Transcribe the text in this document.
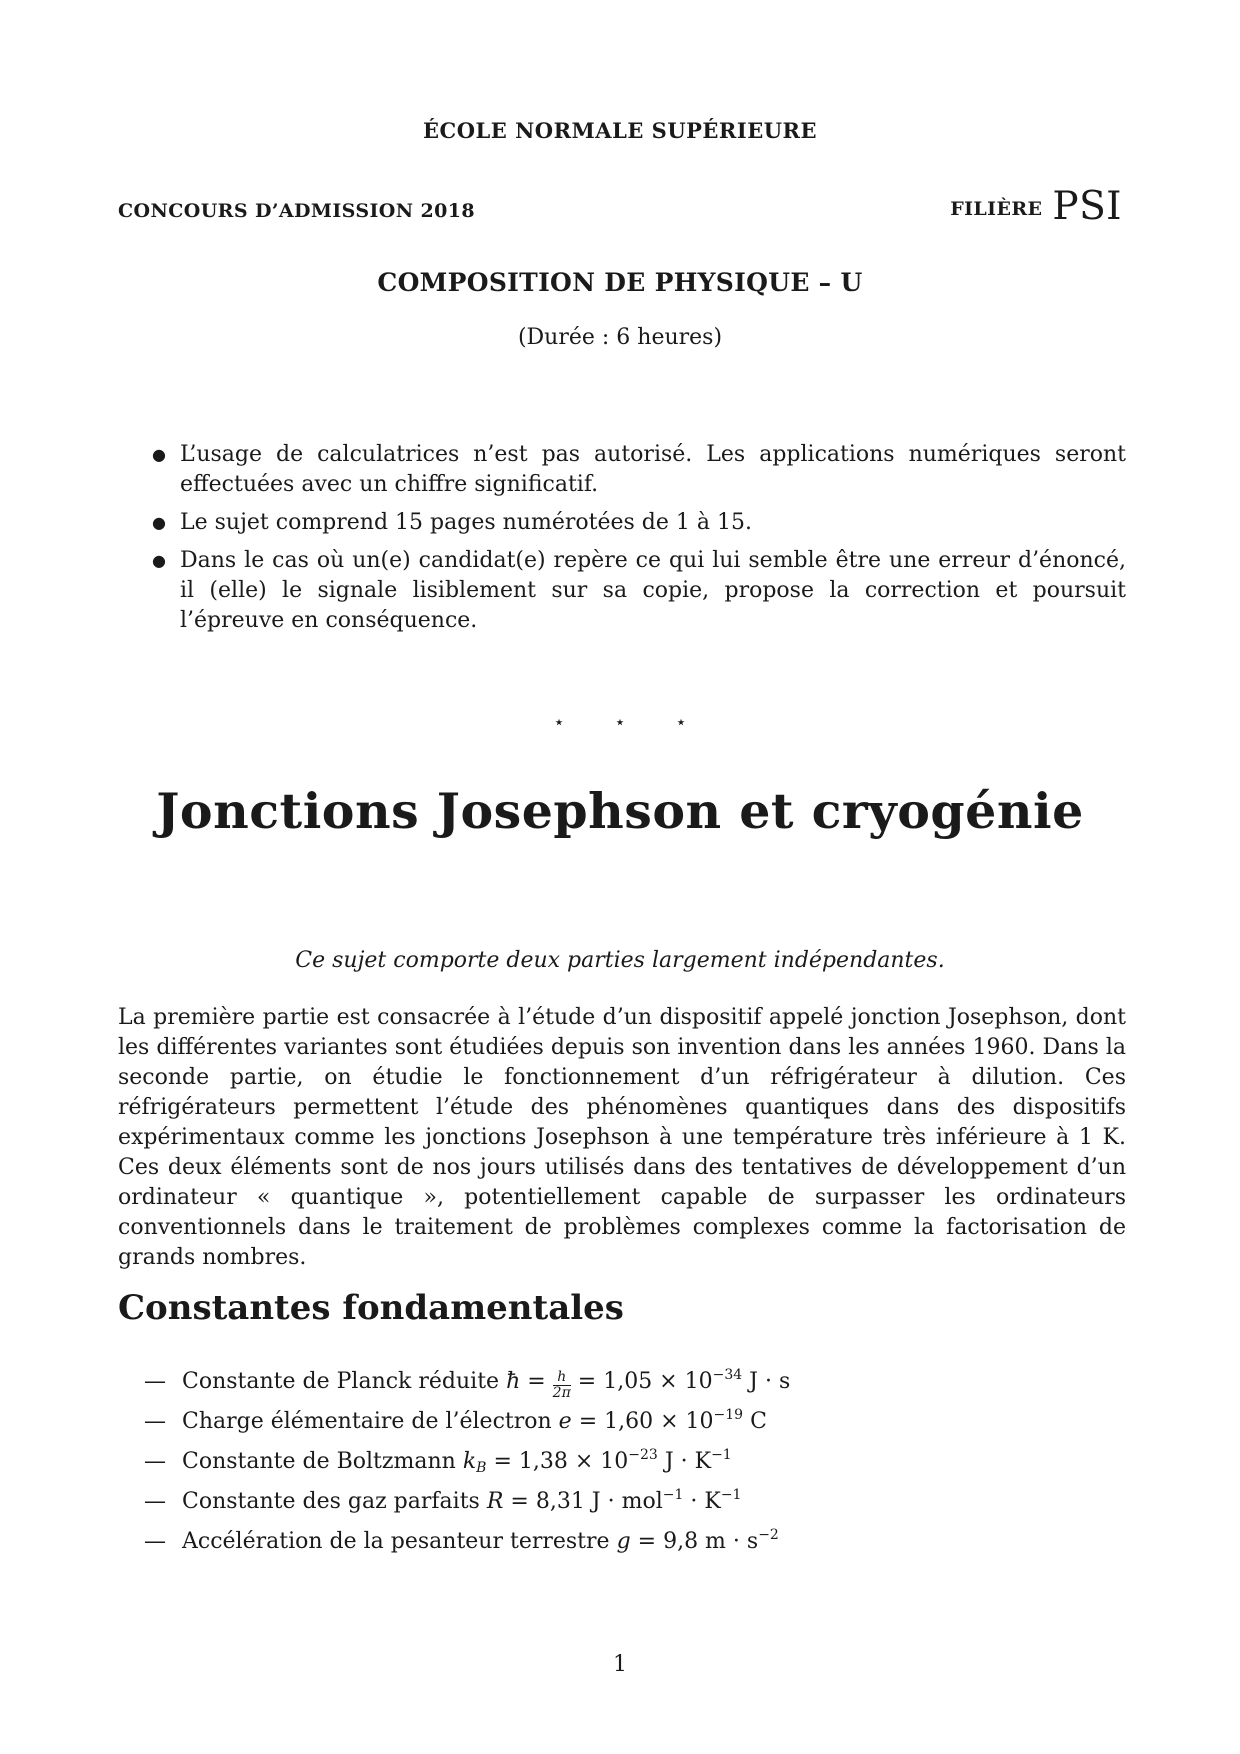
ÉCOLE NORMALE SUPÉRIEURE
CONCOURS D’ADMISSION 2018	FILIÈRE PSI
COMPOSITION DE PHYSIQUE – U
(Durée : 6 heures)
● L’usage de calculatrices n’est pas autorisé. Les applications numériques seront effectuées avec un chiffre significatif.
● Le sujet comprend 15 pages numérotées de 1 à 15.
● Dans le cas où un(e) candidat(e) repère ce qui lui semble être une erreur d’énoncé, il (elle) le signale lisiblement sur sa copie, propose la correction et poursuit l’épreuve en conséquence.
⋆ ⋆ ⋆
Jonctions Josephson et cryogénie
Ce sujet comporte deux parties largement indépendantes.

La première partie est consacrée à l’étude d’un dispositif appelé jonction Josephson, dont les différentes variantes sont étudiées depuis son invention dans les années 1960. Dans la seconde partie, on étudie le fonctionnement d’un réfrigérateur à dilution. Ces réfrigérateurs permettent l’étude des phénomènes quantiques dans des dispositifs expérimentaux comme les jonctions Josephson à une température très inférieure à 1 K. Ces deux éléments sont de nos jours utilisés dans des tentatives de développement d’un ordinateur « quantique », potentiellement capable de surpasser les ordinateurs conventionnels dans le traitement de problèmes complexes comme la factorisation de grands nombres.

Constantes fondamentales
— Constante de Planck réduite ħ = $\frac{h}{2\pi} = 1,05 \times 10^{-34}$ J · s
— Charge élémentaire de l’électron $e = 1,60 \times 10^{-19}$ C
— Constante de Boltzmann $k_B = 1,38 \times 10^{-23}$ $J \cdot K^{-1}$
— Constante des gaz parfaits R = 8,31 $J \cdot mol^{-1} \cdot K^{-1}$
— Accélération de la pesanteur terrestre g = 9,8 $m \cdot s^{-2}$
1
